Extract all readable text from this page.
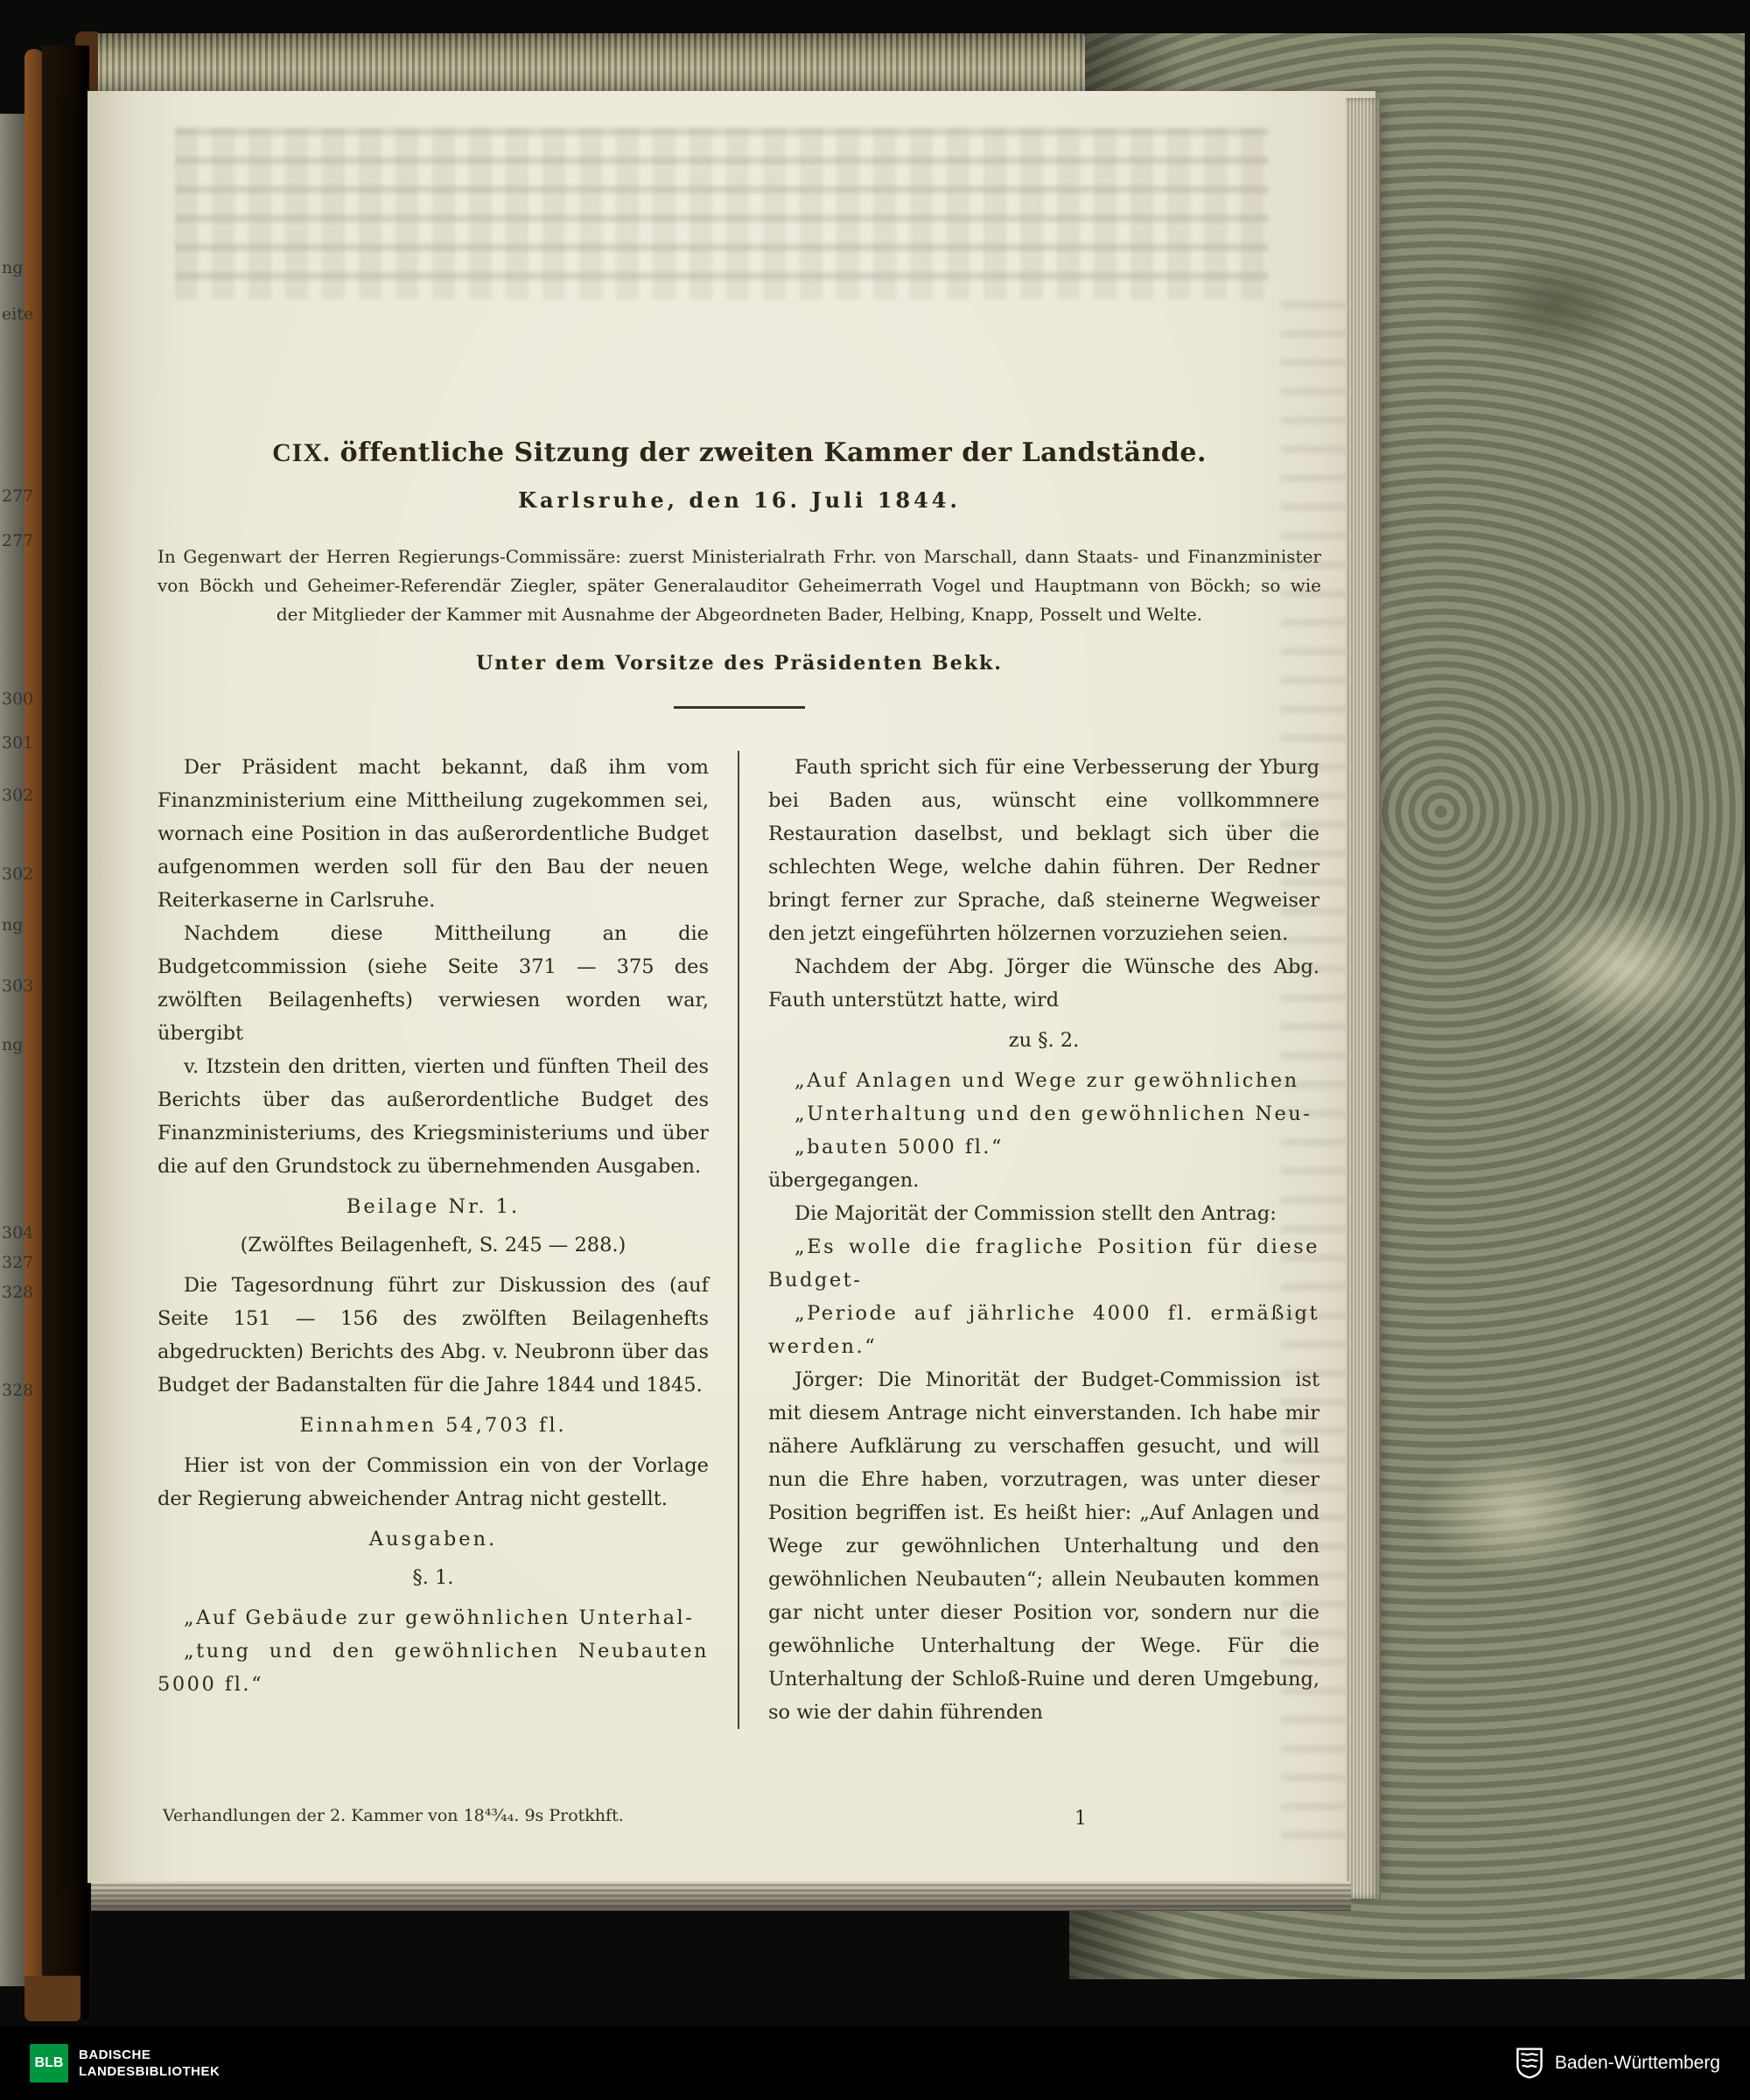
ng
eite
277
277
300
301
302
302
ng
303
ng
304
327
328
328
CIX. öffentliche Sitzung der zweiten Kammer der Landstände.
Karlsruhe, den 16. Juli 1844.
In Gegenwart der Herren Regierungs-Commissäre: zuerst Ministerialrath Frhr. von Marschall, dann Staats- und Finanzminister
von Böckh und Geheimer-Referendär Ziegler, später Generalauditor Geheimerrath Vogel und Hauptmann von Böckh; so wie
der Mitglieder der Kammer mit Ausnahme der Abgeordneten Bader, Helbing, Knapp, Posselt und Welte.
Unter dem Vorsitze des Präsidenten Bekk.

Der Präsident macht bekannt, daß ihm vom Finanzministerium eine Mittheilung zugekommen sei, wornach eine Position in das außerordentliche Budget aufgenommen werden soll für den Bau der neuen Reiterkaserne in Carlsruhe.

Nachdem diese Mittheilung an die Budgetcommission (siehe Seite 371 — 375 des zwölften Beilagenhefts) verwiesen worden war, übergibt

v. Itzstein den dritten, vierten und fünften Theil des Berichts über das außerordentliche Budget des Finanzministeriums, des Kriegsministeriums und über die auf den Grundstock zu übernehmenden Ausgaben.

Beilage Nr. 1.
(Zwölftes Beilagenheft, S. 245 — 288.)

Die Tagesordnung führt zur Diskussion des (auf Seite 151 — 156 des zwölften Beilagenhefts abgedruckten) Berichts des Abg. v. Neubronn über das Budget der Badanstalten für die Jahre 1844 und 1845.

Einnahmen 54,703 fl.

Hier ist von der Commission ein von der Vorlage der Regierung abweichender Antrag nicht gestellt.

Ausgaben.
§. 1.

„Auf Gebäude zur gewöhnlichen Unterhal-

„tung und den gewöhnlichen Neubauten 5000 fl.“

Fauth spricht sich für eine Verbesserung der Yburg bei Baden aus, wünscht eine vollkommnere Restauration daselbst, und beklagt sich über die schlechten Wege, welche dahin führen. Der Redner bringt ferner zur Sprache, daß steinerne Wegweiser den jetzt eingeführten hölzernen vorzuziehen seien.

Nachdem der Abg. Jörger die Wünsche des Abg. Fauth unterstützt hatte, wird

zu §. 2.

„Auf Anlagen und Wege zur gewöhnlichen

„Unterhaltung und den gewöhnlichen Neu-

„bauten 5000 fl.“

übergegangen.

Die Majorität der Commission stellt den Antrag:

„Es wolle die fragliche Position für diese Budget-

„Periode auf jährliche 4000 fl. ermäßigt werden.“

Jörger: Die Minorität der Budget-Commission ist mit diesem Antrage nicht einverstanden. Ich habe mir nähere Aufklärung zu verschaffen gesucht, und will nun die Ehre haben, vorzutragen, was unter dieser Position begriffen ist. Es heißt hier: „Auf Anlagen und Wege zur gewöhnlichen Unterhaltung und den gewöhnlichen Neubauten“; allein Neubauten kommen gar nicht unter dieser Position vor, sondern nur die gewöhnliche Unterhaltung der Wege. Für die Unterhaltung der Schloß-Ruine und deren Umgebung, so wie der dahin führenden

Verhandlungen der 2. Kammer von 18⁴³⁄₄₄. 9s Protkhft.	1
BLB
BADISCHE
LANDESBIBLIOTHEK	Baden-Württemberg
